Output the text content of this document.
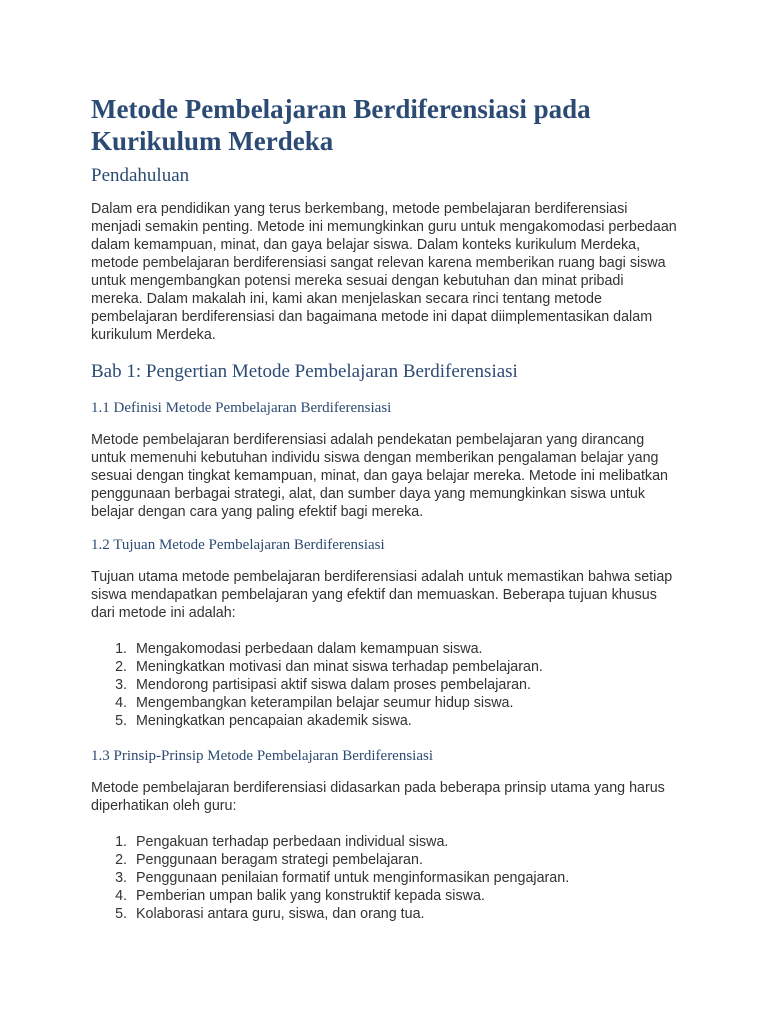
Metode Pembelajaran Berdiferensiasi pada Kurikulum Merdeka
Pendahuluan

Dalam era pendidikan yang terus berkembang, metode pembelajaran berdiferensiasi menjadi semakin penting. Metode ini memungkinkan guru untuk mengakomodasi perbedaan dalam kemampuan, minat, dan gaya belajar siswa. Dalam konteks kurikulum Merdeka, metode pembelajaran berdiferensiasi sangat relevan karena memberikan ruang bagi siswa untuk mengembangkan potensi mereka sesuai dengan kebutuhan dan minat pribadi mereka. Dalam makalah ini, kami akan menjelaskan secara rinci tentang metode pembelajaran berdiferensiasi dan bagaimana metode ini dapat diimplementasikan dalam kurikulum Merdeka.

Bab 1: Pengertian Metode Pembelajaran Berdiferensiasi
1.1 Definisi Metode Pembelajaran Berdiferensiasi

Metode pembelajaran berdiferensiasi adalah pendekatan pembelajaran yang dirancang untuk memenuhi kebutuhan individu siswa dengan memberikan pengalaman belajar yang sesuai dengan tingkat kemampuan, minat, dan gaya belajar mereka. Metode ini melibatkan penggunaan berbagai strategi, alat, dan sumber daya yang memungkinkan siswa untuk belajar dengan cara yang paling efektif bagi mereka.

1.2 Tujuan Metode Pembelajaran Berdiferensiasi

Tujuan utama metode pembelajaran berdiferensiasi adalah untuk memastikan bahwa setiap siswa mendapatkan pembelajaran yang efektif dan memuaskan. Beberapa tujuan khusus dari metode ini adalah:

1. Mengakomodasi perbedaan dalam kemampuan siswa.
2. Meningkatkan motivasi dan minat siswa terhadap pembelajaran.
3. Mendorong partisipasi aktif siswa dalam proses pembelajaran.
4. Mengembangkan keterampilan belajar seumur hidup siswa.
5. Meningkatkan pencapaian akademik siswa.
1.3 Prinsip-Prinsip Metode Pembelajaran Berdiferensiasi

Metode pembelajaran berdiferensiasi didasarkan pada beberapa prinsip utama yang harus diperhatikan oleh guru:

1. Pengakuan terhadap perbedaan individual siswa.
2. Penggunaan beragam strategi pembelajaran.
3. Penggunaan penilaian formatif untuk menginformasikan pengajaran.
4. Pemberian umpan balik yang konstruktif kepada siswa.
5. Kolaborasi antara guru, siswa, dan orang tua.
